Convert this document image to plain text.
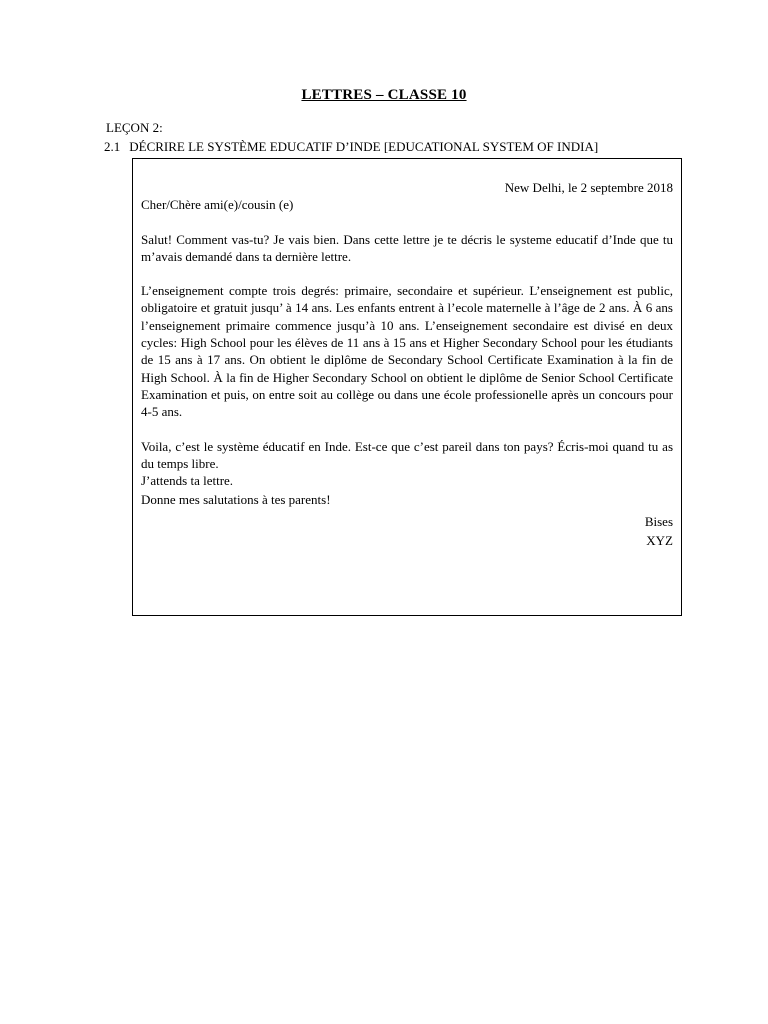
LETTRES – CLASSE 10
LEÇON 2:
2.1 DÉCRIRE LE SYSTÈME EDUCATIF D’INDE [EDUCATIONAL SYSTEM OF INDIA]

New Delhi, le 2 septembre 2018

Cher/Chère ami(e)/cousin (e)

Salut! Comment vas-tu? Je vais bien. Dans cette lettre je te décris le systeme educatif d’Inde que tu m’avais demandé dans ta dernière lettre.

L’enseignement compte trois degrés: primaire, secondaire et supérieur. L’enseignement est public, obligatoire et gratuit jusqu’ à 14 ans. Les enfants entrent à l’ecole maternelle à l’âge de 2 ans. À 6 ans l’enseignement primaire commence jusqu’à 10 ans. L’enseignement secondaire est divisé en deux cycles: High School pour les élèves de 11 ans à 15 ans et Higher Secondary School pour les étudiants de 15 ans à 17 ans. On obtient le diplôme de Secondary School Certificate Examination à la fin de High School. À la fin de Higher Secondary School on obtient le diplôme de Senior School Certificate Examination et puis, on entre soit au collège ou dans une école professionelle après un concours pour 4-5 ans.

Voila, c’est le système éducatif en Inde. Est-ce que c’est pareil dans ton pays? Écris-moi quand tu as du temps libre.

J’attends ta lettre.

Donne mes salutations à tes parents!

Bises

XYZ
